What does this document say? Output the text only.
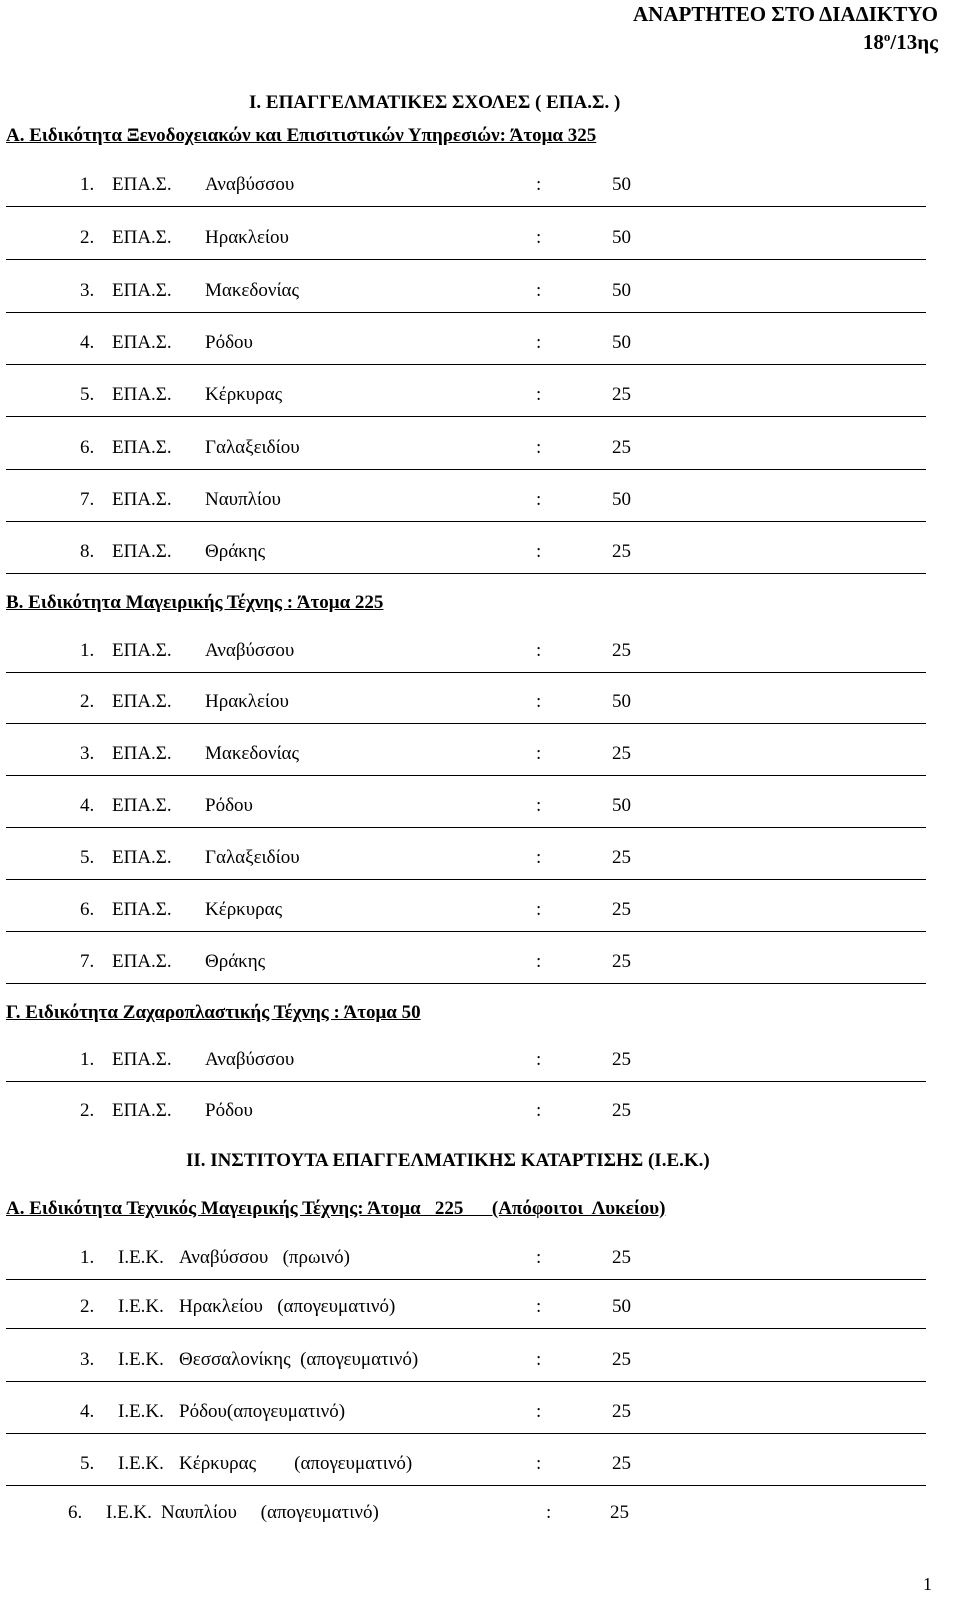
ΑΝΑΡΤΗΤΕΟ ΣΤΟ ΔΙΑΔΙΚΤΥΟ
$18^o/13\eta\varsigma$
Ι. ΕΠΑΓΓΕΛΜΑΤΙΚΕΣ ΣΧΟΛΕΣ ( ΕΠΑ.Σ. )
Α. Ειδικότητα Ξενοδοχειακών και Επισιτιστικών Υπηρεσιών: Άτομα 325
Β. Ειδικότητα Μαγειρικής Τέχνης : Άτομα 225
Γ. Ειδικότητα Ζαχαροπλαστικής Τέχνης : Άτομα 50
ΙΙ. ΙΝΣΤΙΤΟΥΤΑ ΕΠΑΓΓΕΛΜΑΤΙΚΗΣ ΚΑΤΑΡΤΙΣΗΣ (Ι.Ε.Κ.)
Α. Ειδικότητα Τεχνικός Μαγειρικής Τέχνης: Άτομα   225      (Απόφοιτοι  Λυκείου)
1. ΕΠΑ.Σ. Αναβύσσου	:	50
2. ΕΠΑ.Σ. Ηρακλείου	:	50
3. ΕΠΑ.Σ. Μακεδονίας	:	50
4. ΕΠΑ.Σ. Ρόδου	:	50
5. ΕΠΑ.Σ. Κέρκυρας	:	25
6. ΕΠΑ.Σ. Γαλαξειδίου	:	25
7. ΕΠΑ.Σ. Ναυπλίου	:	50
8. ΕΠΑ.Σ. Θράκης	:	25
1. ΕΠΑ.Σ. Αναβύσσου	:	25
2. ΕΠΑ.Σ. Ηρακλείου	:	50
3. ΕΠΑ.Σ. Μακεδονίας	:	25
4. ΕΠΑ.Σ. Ρόδου	:	50
5. ΕΠΑ.Σ. Γαλαξειδίου	:	25
6. ΕΠΑ.Σ. Κέρκυρας	:	25
7. ΕΠΑ.Σ. Θράκης	:	25
1. ΕΠΑ.Σ. Αναβύσσου	:	25
2. ΕΠΑ.Σ. Ρόδου	:	25
1. Ι.Ε.Κ. Αναβύσσου   (πρωινό)	:	25
2. Ι.Ε.Κ. Ηρακλείου   (απογευματινό)	:	50
3. Ι.Ε.Κ. Θεσσαλονίκης  (απογευματινό)	:	25
4. Ι.Ε.Κ. Ρόδου(απογευματινό)	:	25
5. Ι.Ε.Κ. Κέρκυρας        (απογευματινό)	:	25
6. Ι.Ε.Κ. Ναυπλίου     (απογευματινό)	:	25
1
